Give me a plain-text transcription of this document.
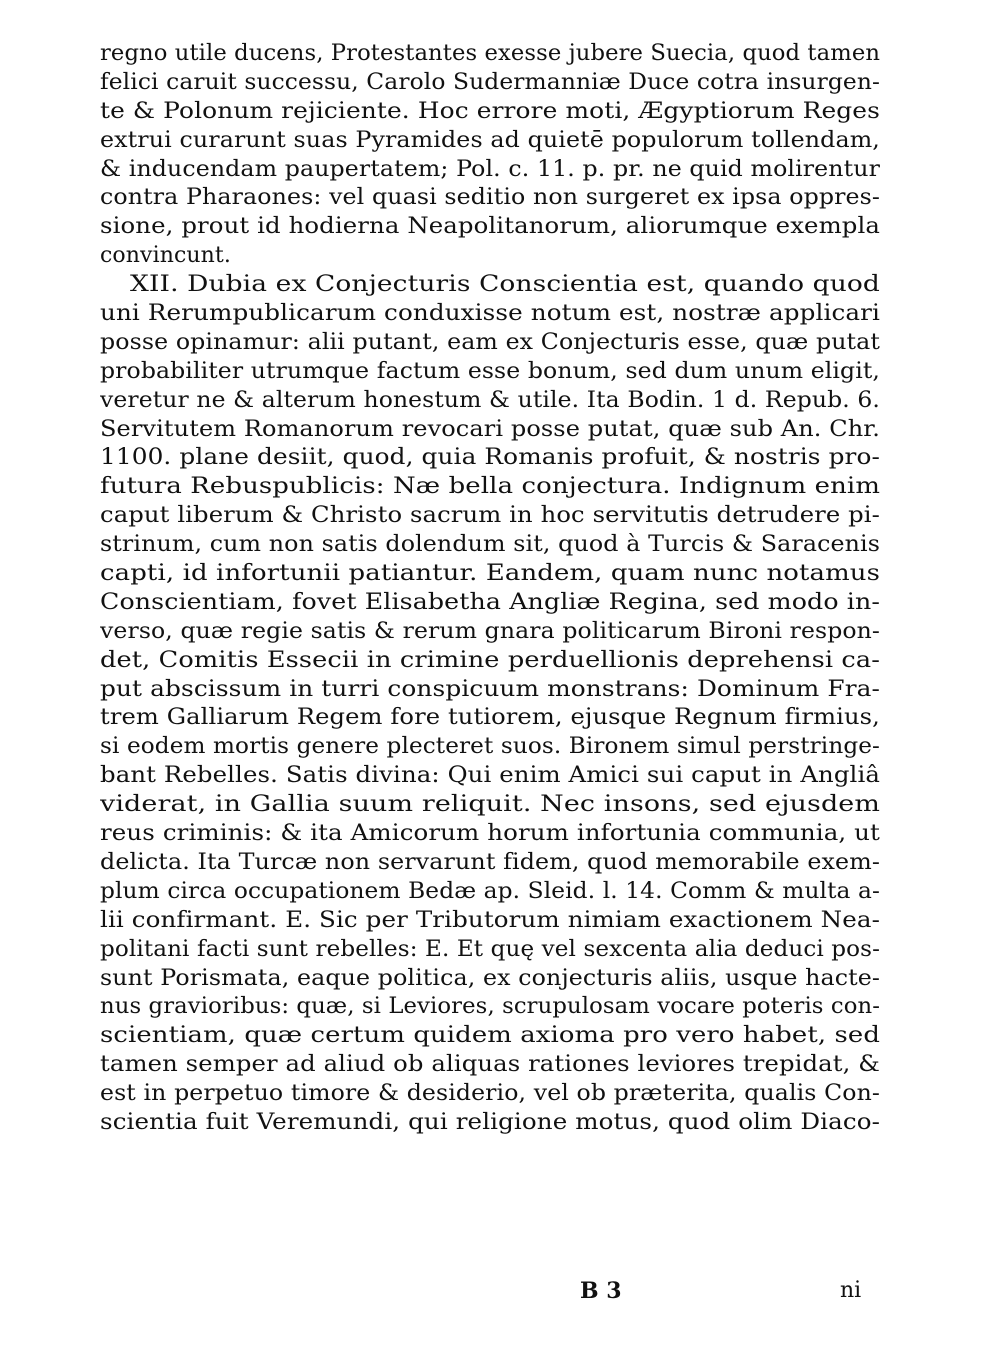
regno utile ducens, Protestantes exesse jubere Suecia, quod tamen
felici caruit successu, Carolo Sudermanniæ Duce cotra insurgen-
te & Polonum rejiciente. Hoc errore moti, Ægyptiorum Reges
extrui curarunt suas Pyramides ad quietē populorum tollendam,
& inducendam paupertatem; Pol. c. 11. p. pr. ne quid molirentur
contra Pharaones: vel quasi seditio non surgeret ex ipsa oppres-
sione, prout id hodierna Neapolitanorum, aliorumque exempla
convincunt.
XII. Dubia ex Conjecturis Conscientia est, quando quod
uni Rerumpublicarum conduxisse notum est, nostræ applicari
posse opinamur: alii putant, eam ex Conjecturis esse, quæ putat
probabiliter utrumque factum esse bonum, sed dum unum eligit,
veretur ne & alterum honestum & utile. Ita Bodin. 1 d. Repub. 6.
Servitutem Romanorum revocari posse putat, quæ sub An. Chr.
1100. plane desiit, quod, quia Romanis profuit, & nostris pro-
futura Rebuspublicis: Næ bella conjectura. Indignum enim
caput liberum & Christo sacrum in hoc servitutis detrudere pi-
strinum, cum non satis dolendum sit, quod à Turcis & Saracenis
capti, id infortunii patiantur. Eandem, quam nunc notamus
Conscientiam, fovet Elisabetha Angliæ Regina, sed modo in-
verso, quæ regie satis & rerum gnara politicarum Bironi respon-
det, Comitis Essecii in crimine perduellionis deprehensi ca-
put abscissum in turri conspicuum monstrans: Dominum Fra-
trem Galliarum Regem fore tutiorem, ejusque Regnum firmius,
si eodem mortis genere plecteret suos. Bironem simul perstringe-
bant Rebelles. Satis divina: Qui enim Amici sui caput in Angliâ
viderat, in Gallia suum reliquit. Nec insons, sed ejusdem
reus criminis: & ita Amicorum horum infortunia communia, ut
delicta. Ita Turcæ non servarunt fidem, quod memorabile exem-
plum circa occupationem Bedæ ap. Sleid. l. 14. Comm & multa a-
lii confirmant. E. Sic per Tributorum nimiam exactionem Nea-
politani facti sunt rebelles: E. Et quę vel sexcenta alia deduci pos-
sunt Porismata, eaque politica, ex conjecturis aliis, usque hacte-
nus gravioribus: quæ, si Leviores, scrupulosam vocare poteris con-
scientiam, quæ certum quidem axioma pro vero habet, sed
tamen semper ad aliud ob aliquas rationes leviores trepidat, &
est in perpetuo timore & desiderio, vel ob præterita, qualis Con-
scientia fuit Veremundi, qui religione motus, quod olim Diaco-
B 3	ni
